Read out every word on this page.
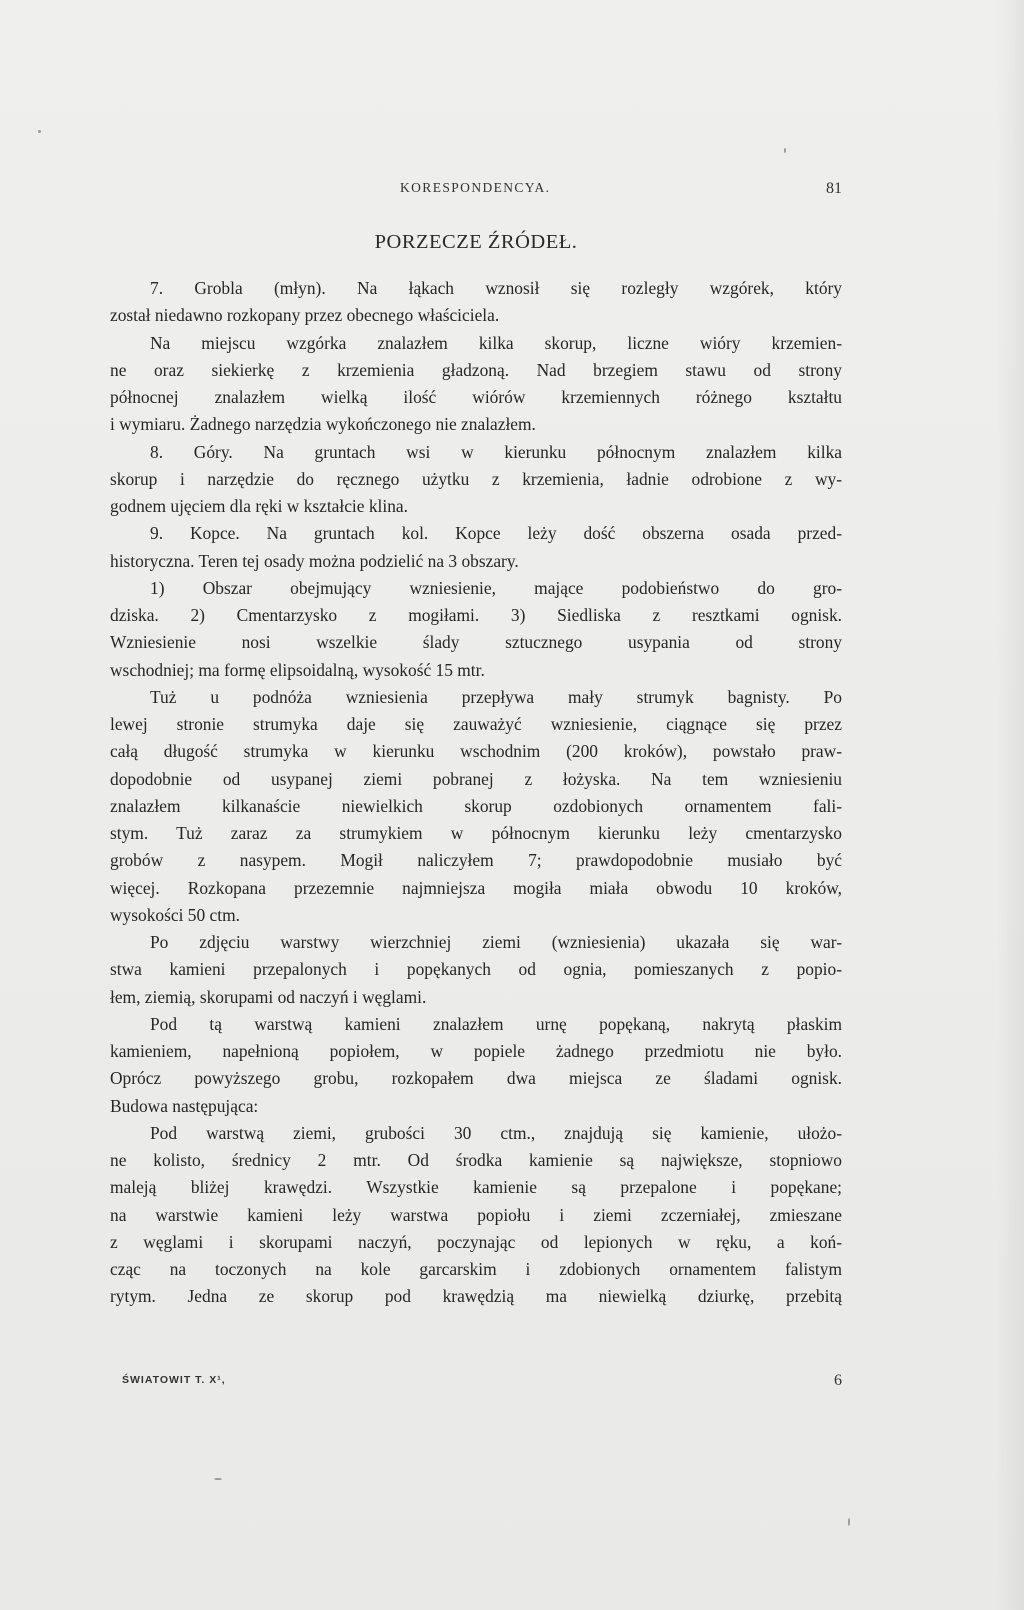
KORESPONDENCYA.	81
PORZECZE ŹRÓDEŁ.
7. Grobla (młyn). Na łąkach wznosił się rozległy wzgórek, który
został niedawno rozkopany przez obecnego właściciela.
Na miejscu wzgórka znalazłem kilka skorup, liczne wióry krzemien-
ne oraz siekierkę z krzemienia gładzoną. Nad brzegiem stawu od strony
północnej znalazłem wielką ilość wiórów krzemiennych różnego kształtu
i wymiaru. Żadnego narzędzia wykończonego nie znalazłem.
8. Góry. Na gruntach wsi w kierunku północnym znalazłem kilka
skorup i narzędzie do ręcznego użytku z krzemienia, ładnie odrobione z wy-
godnem ujęciem dla ręki w kształcie klina.
9. Kopce. Na gruntach kol. Kopce leży dość obszerna osada przed-
historyczna. Teren tej osady można podzielić na 3 obszary.
1) Obszar obejmujący wzniesienie, mające podobieństwo do gro-
dziska. 2) Cmentarzysko z mogiłami. 3) Siedliska z resztkami ognisk.
Wzniesienie nosi wszelkie ślady sztucznego usypania od strony
wschodniej; ma formę elipsoidalną, wysokość 15 mtr.
Tuż u podnóża wzniesienia przepływa mały strumyk bagnisty. Po
lewej stronie strumyka daje się zauważyć wzniesienie, ciągnące się przez
całą długość strumyka w kierunku wschodnim (200 kroków), powstało praw-
dopodobnie od usypanej ziemi pobranej z łożyska. Na tem wzniesieniu
znalazłem kilkanaście niewielkich skorup ozdobionych ornamentem fali-
stym. Tuż zaraz za strumykiem w północnym kierunku leży cmentarzysko
grobów z nasypem. Mogił naliczyłem 7; prawdopodobnie musiało być
więcej. Rozkopana przezemnie najmniejsza mogiła miała obwodu 10 kroków,
wysokości 50 ctm.
Po zdjęciu warstwy wierzchniej ziemi (wzniesienia) ukazała się war-
stwa kamieni przepalonych i popękanych od ognia, pomieszanych z popio-
łem, ziemią, skorupami od naczyń i węglami.
Pod tą warstwą kamieni znalazłem urnę popękaną, nakrytą płaskim
kamieniem, napełnioną popiołem, w popiele żadnego przedmiotu nie było.
Oprócz powyższego grobu, rozkopałem dwa miejsca ze śladami ognisk.
Budowa następująca:
Pod warstwą ziemi, grubości 30 ctm., znajdują się kamienie, ułożo-
ne kolisto, średnicy 2 mtr. Od środka kamienie są największe, stopniowo
maleją bliżej krawędzi. Wszystkie kamienie są przepalone i popękane;
na warstwie kamieni leży warstwa popiołu i ziemi zczerniałej, zmieszane
z węglami i skorupami naczyń, poczynając od lepionych w ręku, a koń-
cząc na toczonych na kole garcarskim i zdobionych ornamentem falistym
rytym. Jedna ze skorup pod krawędzią ma niewielką dziurkę, przebitą
ŚWIATOWIT T. X¹,	6
